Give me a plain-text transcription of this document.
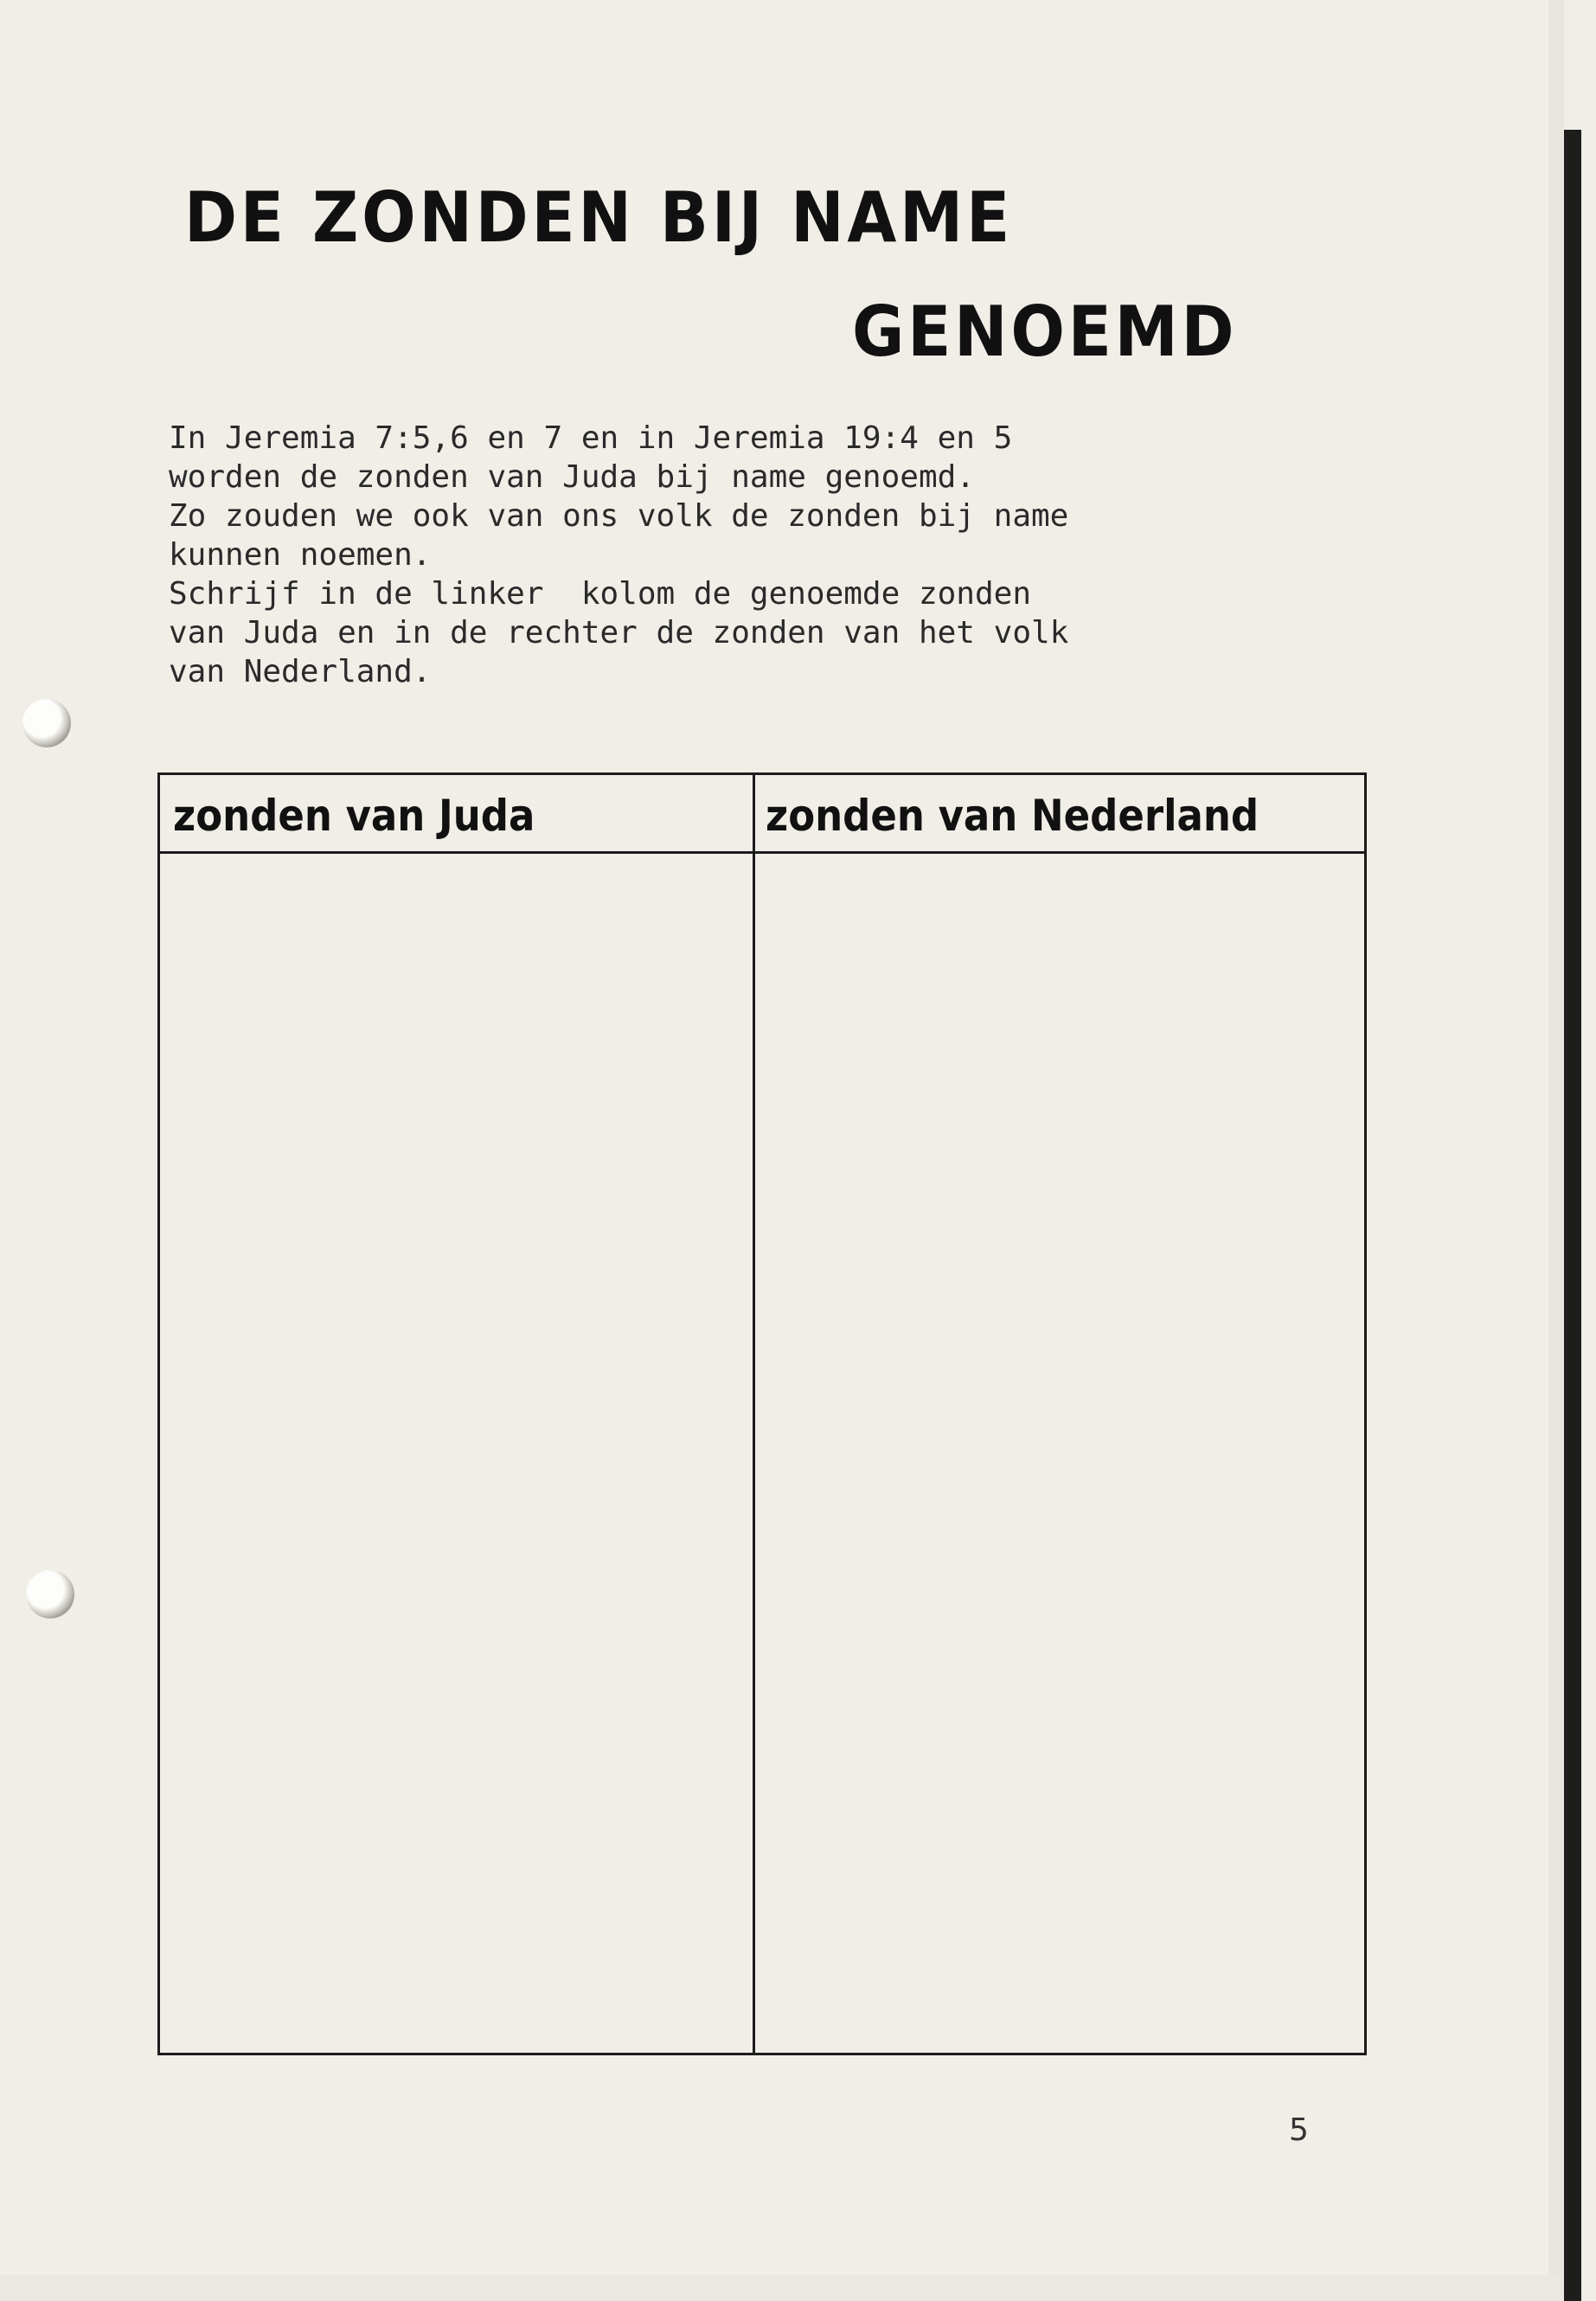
DE ZONDEN BIJ NAME
GENOEMD
In Jeremia 7:5,6 en 7 en in Jeremia 19:4 en 5
worden de zonden van Juda bij name genoemd.
Zo zouden we ook van ons volk de zonden bij name
kunnen noemen.
Schrijf in de linker  kolom de genoemde zonden
van Juda en in de rechter de zonden van het volk
van Nederland.
zonden van Juda	zonden van Nederland
5
